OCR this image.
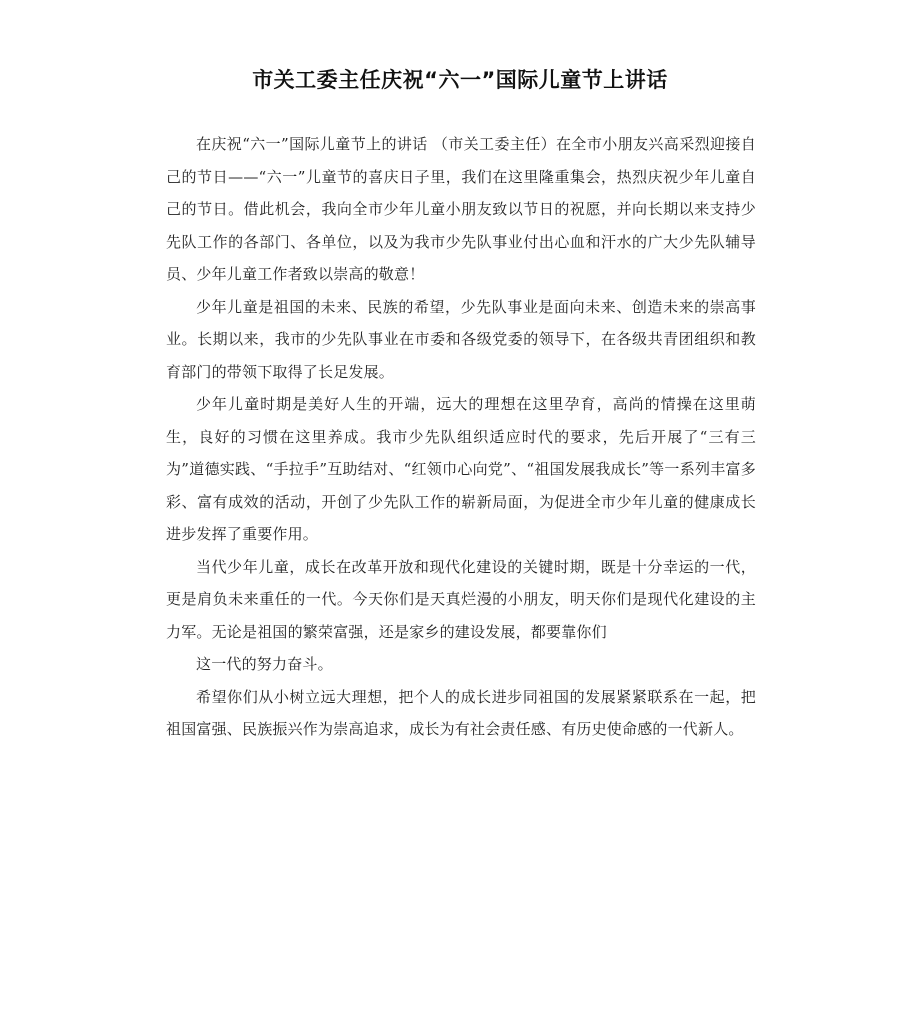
市关工委主任庆祝“六一”国际儿童节上讲话

在庆祝“六一”国际儿童节上的讲话 （市关工委主任）在全市小朋友兴高采烈迎接自己的节日——“六一”儿童节的喜庆日子里，我们在这里隆重集会，热烈庆祝少年儿童自己的节日。借此机会，我向全市少年儿童小朋友致以节日的祝愿，并向长期以来支持少先队工作的各部门、各单位，以及为我市少先队事业付出心血和汗水的广大少先队辅导员、少年儿童工作者致以崇高的敬意！

少年儿童是祖国的未来、民族的希望，少先队事业是面向未来、创造未来的崇高事业。长期以来，我市的少先队事业在市委和各级党委的领导下，在各级共青团组织和教育部门的带领下取得了长足发展。

少年儿童时期是美好人生的开端，远大的理想在这里孕育，高尚的情操在这里萌生，良好的习惯在这里养成。我市少先队组织适应时代的要求，先后开展了“三有三为”道德实践、“手拉手”互助结对、“红领巾心向党”、“祖国发展我成长”等一系列丰富多彩、富有成效的活动，开创了少先队工作的崭新局面，为促进全市少年儿童的健康成长进步发挥了重要作用。

当代少年儿童，成长在改革开放和现代化建设的关键时期，既是十分幸运的一代，更是肩负未来重任的一代。今天你们是天真烂漫的小朋友，明天你们是现代化建设的主力军。无论是祖国的繁荣富强，还是家乡的建设发展，都要靠你们

这一代的努力奋斗。

希望你们从小树立远大理想，把个人的成长进步同祖国的发展紧紧联系在一起，把祖国富强、民族振兴作为崇高追求，成长为有社会责任感、有历史使命感的一代新人。
